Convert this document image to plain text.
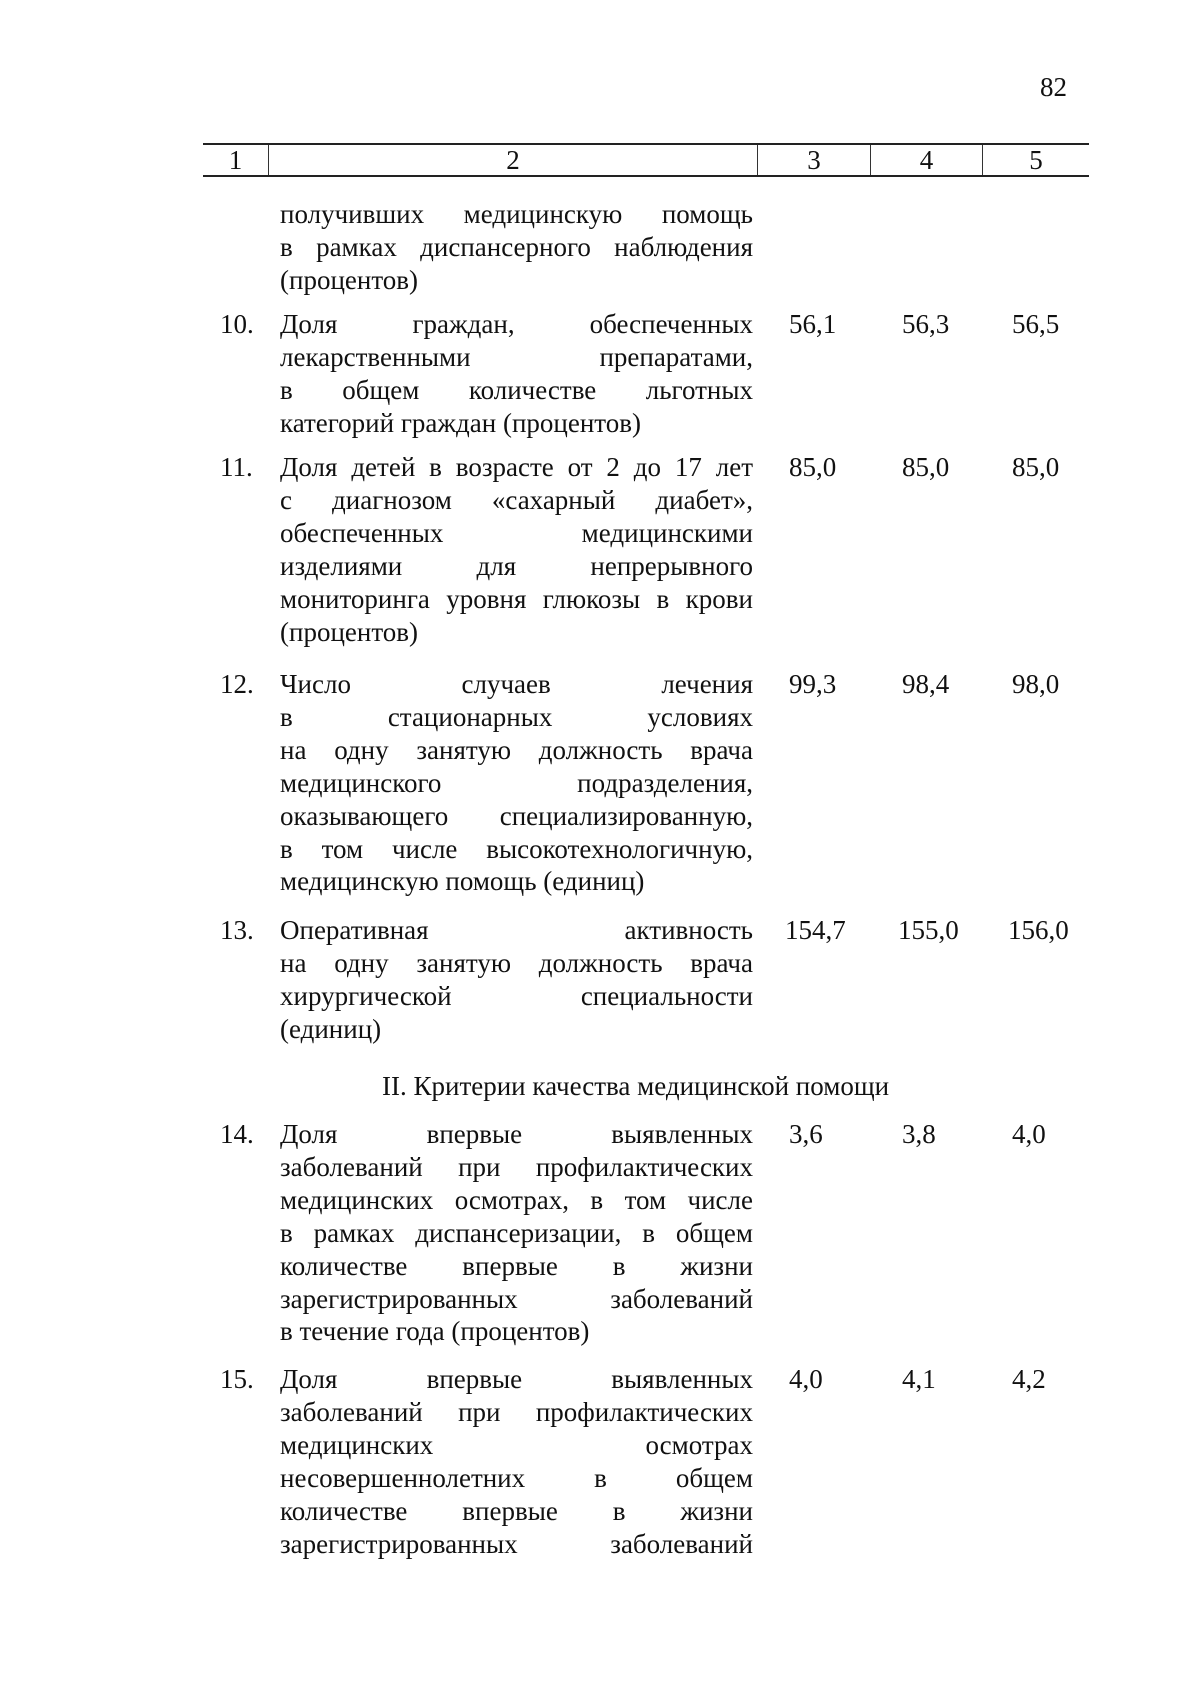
82
1	2	3	4	5
получивших медицинскую помощь
в рамках диспансерного наблюдения
(процентов)
10. Доля граждан, обеспеченных
лекарственными препаратами,
в общем количестве льготных
категорий граждан (процентов)
56,1 56,3 56,5
11. Доля детей в возрасте от 2 до 17 лет
с диагнозом «сахарный диабет»,
обеспеченных медицинскими
изделиями для непрерывного
мониторинга уровня глюкозы в крови
(процентов)
85,0 85,0 85,0
12. Число случаев лечения
в стационарных условиях
на одну занятую должность врача
медицинского подразделения,
оказывающего специализированную,
в том числе высокотехнологичную,
медицинскую помощь (единиц)
99,3 98,4 98,0
13. Оперативная активность
на одну занятую должность врача
хирургической специальности
(единиц)
154,7 155,0 156,0
II. Критерии качества медицинской помощи
14. Доля впервые выявленных
заболеваний при профилактических
медицинских осмотрах, в том числе
в рамках диспансеризации, в общем
количестве впервые в жизни
зарегистрированных заболеваний
в течение года (процентов)
3,6	3,8	4,0
15. Доля впервые выявленных
заболеваний при профилактических
медицинских осмотрах
несовершеннолетних в общем
количестве впервые в жизни
зарегистрированных заболеваний
4,0	4,1	4,2
